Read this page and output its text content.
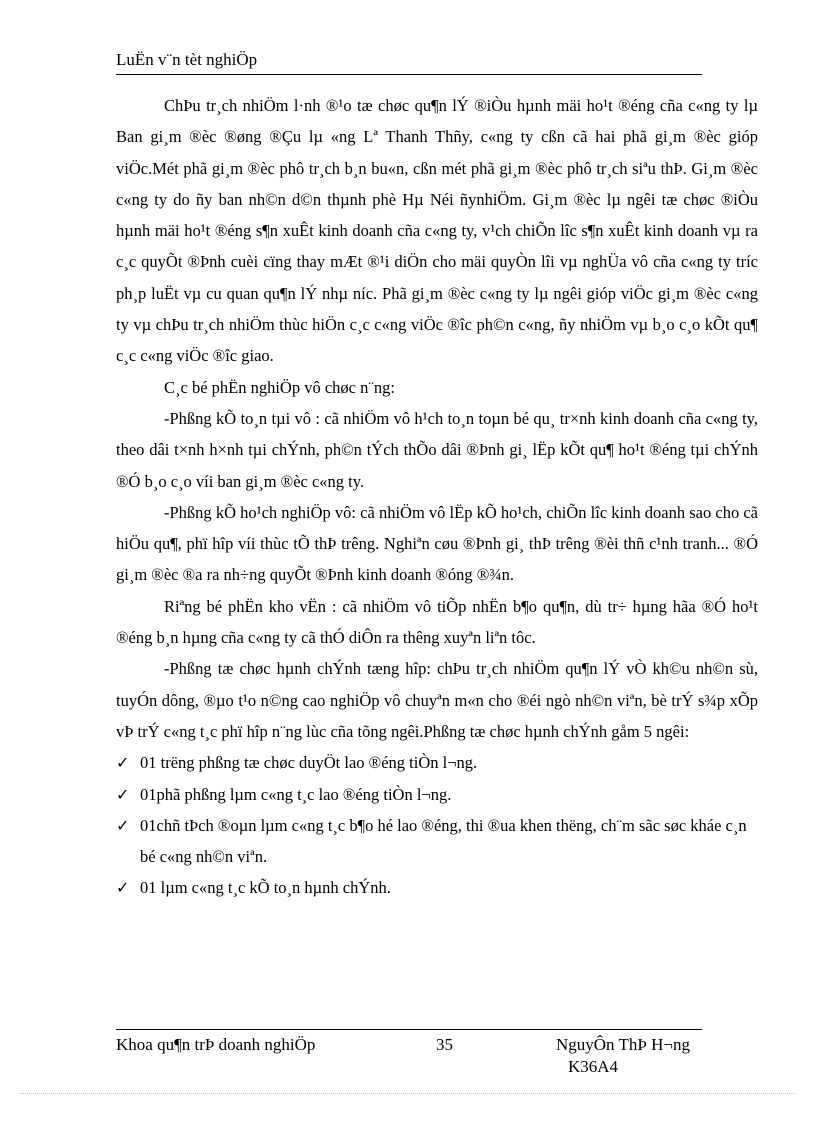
LuËn v¨n tèt nghiÖp

ChÞu tr¸ch nhiÖm l·nh ®¹o tæ chøc qu¶n lÝ ®iÒu hµnh mäi ho¹t ®éng cña c«ng ty lµ Ban gi¸m ®èc ®øng ®Çu lµ «ng Lª Thanh Thñy, c«ng ty cßn cã hai phã gi¸m ®èc gióp viÖc.Mét phã gi¸m ®èc phô tr¸ch b¸n bu«n, cßn mét phã gi¸m ®èc phô tr¸ch siªu thÞ. Gi¸m ®èc c«ng ty do ñy ban nh©n d©n thµnh phè Hµ Néi ñynhiÖm. Gi¸m ®èc lµ ngêi tæ chøc ®iÒu hµnh mäi ho¹t ®éng s¶n xuÊt kinh doanh cña c«ng ty, v¹ch chiÕn lîc s¶n xuÊt kinh doanh vµ ra c¸c quyÕt ®Þnh cuèi cïng thay mÆt ®¹i diÖn cho mäi quyÒn lîi vµ nghÜa vô cña c«ng ty tríc ph¸p luËt vµ cu quan qu¶n lÝ nhµ níc. Phã gi¸m ®èc c«ng ty lµ ngêi gióp viÖc gi¸m ®èc c«ng ty vµ chÞu tr¸ch nhiÖm thùc hiÖn c¸c c«ng viÖc ®îc ph©n c«ng, ñy nhiÖm vµ b¸o c¸o kÕt qu¶ c¸c c«ng viÖc ®îc giao.

C¸c bé phËn nghiÖp vô chøc n¨ng:

-Phßng kÕ to¸n tµi vô : cã nhiÖm vô h¹ch to¸n toµn bé qu¸ tr×nh kinh doanh cña c«ng ty, theo dâi t×nh h×nh tµi chÝnh, ph©n tÝch thÕo dâi ®Þnh gi¸ lËp kÕt qu¶ ho¹t ®éng tµi chÝnh ®Ó b¸o c¸o víi ban gi¸m ®èc c«ng ty.

-Phßng kÕ ho¹ch nghiÖp vô: cã nhiÖm vô lËp kÕ ho¹ch, chiÕn lîc kinh doanh sao cho cã hiÖu qu¶, phï hîp víi thùc tÕ thÞ trêng. Nghiªn cøu ®Þnh gi¸ thÞ trêng ®èi thñ c¹nh tranh... ®Ó gi¸m ®èc ®a ra nh÷ng quyÕt ®Þnh kinh doanh ®óng ®¾n.

Riªng bé phËn kho vËn : cã nhiÖm vô tiÕp nhËn b¶o qu¶n, dù tr÷ hµng hãa ®Ó ho¹t ®éng b¸n hµng cña c«ng ty cã thÓ diÔn ra thêng xuyªn liªn tôc.

-Phßng tæ chøc hµnh chÝnh tæng hîp: chÞu tr¸ch nhiÖm qu¶n lÝ vÒ kh©u nh©n sù, tuyÓn dông, ®µo t¹o n©ng cao nghiÖp vô chuyªn m«n cho ®éi ngò nh©n viªn, bè trÝ s¾p xÕp vÞ trÝ c«ng t¸c phï hîp n¨ng lùc cña tõng ngêi.Phßng tæ chøc hµnh chÝnh gåm 5 ngêi:

✓ 01 trëng phßng tæ chøc duyÖt lao ®éng tiÒn l¬ng.
✓ 01phã phßng lµm c«ng t¸c lao ®éng tiÒn l¬ng.
✓ 01chñ tÞch ®oµn lµm c«ng t¸c b¶o hé lao ®éng, thi ®ua khen thëng, ch¨m sãc søc kháe c¸n bé c«ng nh©n viªn.
✓ 01 lµm c«ng t¸c kÕ to¸n hµnh chÝnh.
Khoa qu¶n trÞ doanh nghiÖp	35	NguyÔn ThÞ H¬ng
K36A4
